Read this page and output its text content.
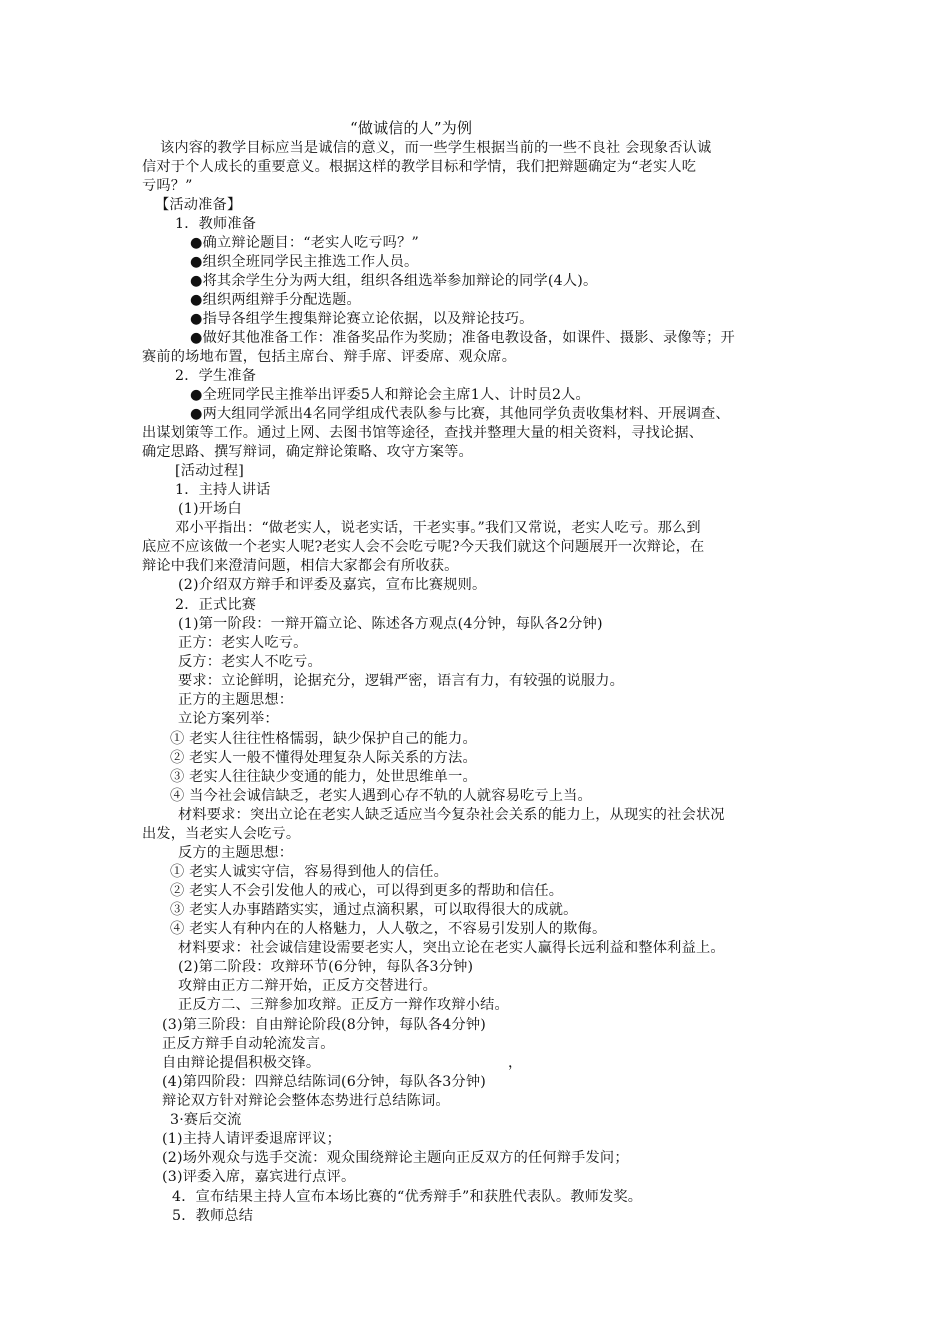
“做诚信的人”为例
该内容的教学目标应当是诚信的意义，而一些学生根据当前的一些不良社 会现象否认诚
信对于个人成长的重要意义。根据这样的教学目标和学情，我们把辩题确定为“老实人吃
亏吗？”
【活动准备】
1．教师准备
●确立辩论题目：“老实人吃亏吗？”
●组织全班同学民主推选工作人员。
●将其余学生分为两大组，组织各组选举参加辩论的同学(4人)。
●组织两组辩手分配选题。
●指导各组学生搜集辩论赛立论依据，以及辩论技巧。
●做好其他准备工作：准备奖品作为奖励；准备电教设备，如课件、摄影、录像等；开
赛前的场地布置，包括主席台、辩手席、评委席、观众席。
2．学生准备
●全班同学民主推举出评委5人和辩论会主席1人、计时员2人。
●两大组同学派出4名同学组成代表队参与比赛，其他同学负责收集材料、开展调查、
出谋划策等工作。通过上网、去图书馆等途径，查找并整理大量的相关资料，寻找论据、
确定思路、撰写辩词，确定辩论策略、攻守方案等。
[活动过程]
1．主持人讲话
(1)开场白
邓小平指出：“做老实人，说老实话，干老实事。”我们又常说，老实人吃亏。那么到
底应不应该做一个老实人呢?老实人会不会吃亏呢?今天我们就这个问题展开一次辩论，在
辩论中我们来澄清问题，相信大家都会有所收获。
(2)介绍双方辩手和评委及嘉宾，宣布比赛规则。
2．正式比赛
(1)第一阶段：一辩开篇立论、陈述各方观点(4分钟，每队各2分钟)
正方：老实人吃亏。
反方：老实人不吃亏。
要求：立论鲜明，论据充分，逻辑严密，语言有力，有较强的说服力。
正方的主题思想：
立论方案列举：
① 老实人往往性格懦弱，缺少保护自己的能力。
② 老实人一般不懂得处理复杂人际关系的方法。
③ 老实人往往缺少变通的能力，处世思维单一。
④ 当今社会诚信缺乏，老实人遇到心存不轨的人就容易吃亏上当。
材料要求：突出立论在老实人缺乏适应当今复杂社会关系的能力上，从现实的社会状况
出发，当老实人会吃亏。
反方的主题思想：
① 老实人诚实守信，容易得到他人的信任。
② 老实人不会引发他人的戒心，可以得到更多的帮助和信任。
③ 老实人办事踏踏实实，通过点滴积累，可以取得很大的成就。
④ 老实人有种内在的人格魅力，人人敬之，不容易引发别人的欺侮。
材料要求：社会诚信建设需要老实人，突出立论在老实人赢得长远利益和整体利益上。
(2)第二阶段：攻辩环节(6分钟，每队各3分钟)
攻辩由正方二辩开始，正反方交替进行。
正反方二、三辩参加攻辩。正反方一辩作攻辩小结。
(3)第三阶段：自由辩论阶段(8分钟，每队各4分钟)
正反方辩手自动轮流发言。
自由辩论提倡积极交锋。	，
(4)第四阶段：四辩总结陈词(6分钟，每队各3分钟)
辩论双方针对辩论会整体态势进行总结陈词。
3·赛后交流
(1)主持人请评委退席评议；
(2)场外观众与选手交流：观众围绕辩论主题向正反双方的任何辩手发问；
(3)评委入席，嘉宾进行点评。
4．宣布结果主持人宣布本场比赛的“优秀辩手”和获胜代表队。教师发奖。
5．教师总结
